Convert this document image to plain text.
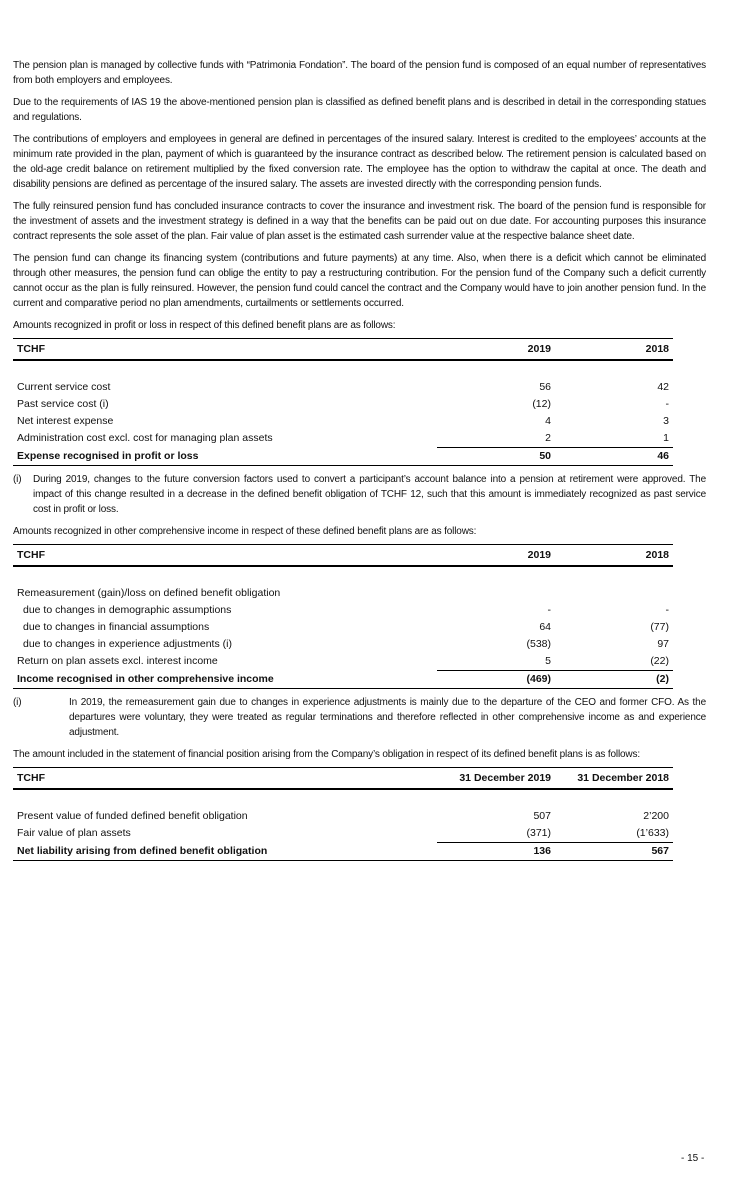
The pension plan is managed by collective funds with “Patrimonia Fondation”. The board of the pension fund is composed of an equal number of representatives from both employers and employees.

Due to the requirements of IAS 19 the above-mentioned pension plan is classified as defined benefit plans and is described in detail in the corresponding statues and regulations.

The contributions of employers and employees in general are defined in percentages of the insured salary. Interest is credited to the employees’ accounts at the minimum rate provided in the plan, payment of which is guaranteed by the insurance contract as described below. The retirement pension is calculated based on the old-age credit balance on retirement multiplied by the fixed conversion rate. The employee has the option to withdraw the capital at once. The death and disability pensions are defined as percentage of the insured salary. The assets are invested directly with the corresponding pension funds.

The fully reinsured pension fund has concluded insurance contracts to cover the insurance and investment risk. The board of the pension fund is responsible for the investment of assets and the investment strategy is defined in a way that the benefits can be paid out on due date. For accounting purposes this insurance contract represents the sole asset of the plan. Fair value of plan asset is the estimated cash surrender value at the respective balance sheet date.

The pension fund can change its financing system (contributions and future payments) at any time. Also, when there is a deficit which cannot be eliminated through other measures, the pension fund can oblige the entity to pay a restructuring contribution. For the pension fund of the Company such a deficit currently cannot occur as the plan is fully reinsured. However, the pension fund could cancel the contract and the Company would have to join another pension fund. In the current and comparative period no plan amendments, curtailments or settlements occurred.

Amounts recognized in profit or loss in respect of this defined benefit plans are as follows:
TCHF	2019	2018

Current service cost	56	42
Past service cost (i)	(12)	-
Net interest expense	4	3
Administration cost excl. cost for managing plan assets	2	1
Expense recognised in profit or loss	50	46
(i)	During 2019, changes to the future conversion factors used to convert a participant’s account balance into a pension at retirement were approved. The impact of this change resulted in a decrease in the defined benefit obligation of TCHF 12, such that this amount is immediately recognized as past service cost in profit or loss.
Amounts recognized in other comprehensive income in respect of these defined benefit plans are as follows:
TCHF	2019	2018

Remeasurement (gain)/loss on defined benefit obligation		
due to changes in demographic assumptions	-	-
due to changes in financial assumptions	64	(77)
due to changes in experience adjustments (i)	(538)	97
Return on plan assets excl. interest income	5	(22)
Income recognised in other comprehensive income	(469)	(2)
(i)	In 2019, the remeasurement gain due to changes in experience adjustments is mainly due to the departure of the CEO and former CFO. As the departures were voluntary, they were treated as regular terminations and therefore reflected in other comprehensive income as and experience adjustment.
The amount included in the statement of financial position arising from the Company’s obligation in respect of its defined benefit plans is as follows:
TCHF	31 December 2019	31 December 2018

Present value of funded defined benefit obligation	507	2’200
Fair value of plan assets	(371)	(1’633)
Net liability arising from defined benefit obligation	136	567
- 15 -
